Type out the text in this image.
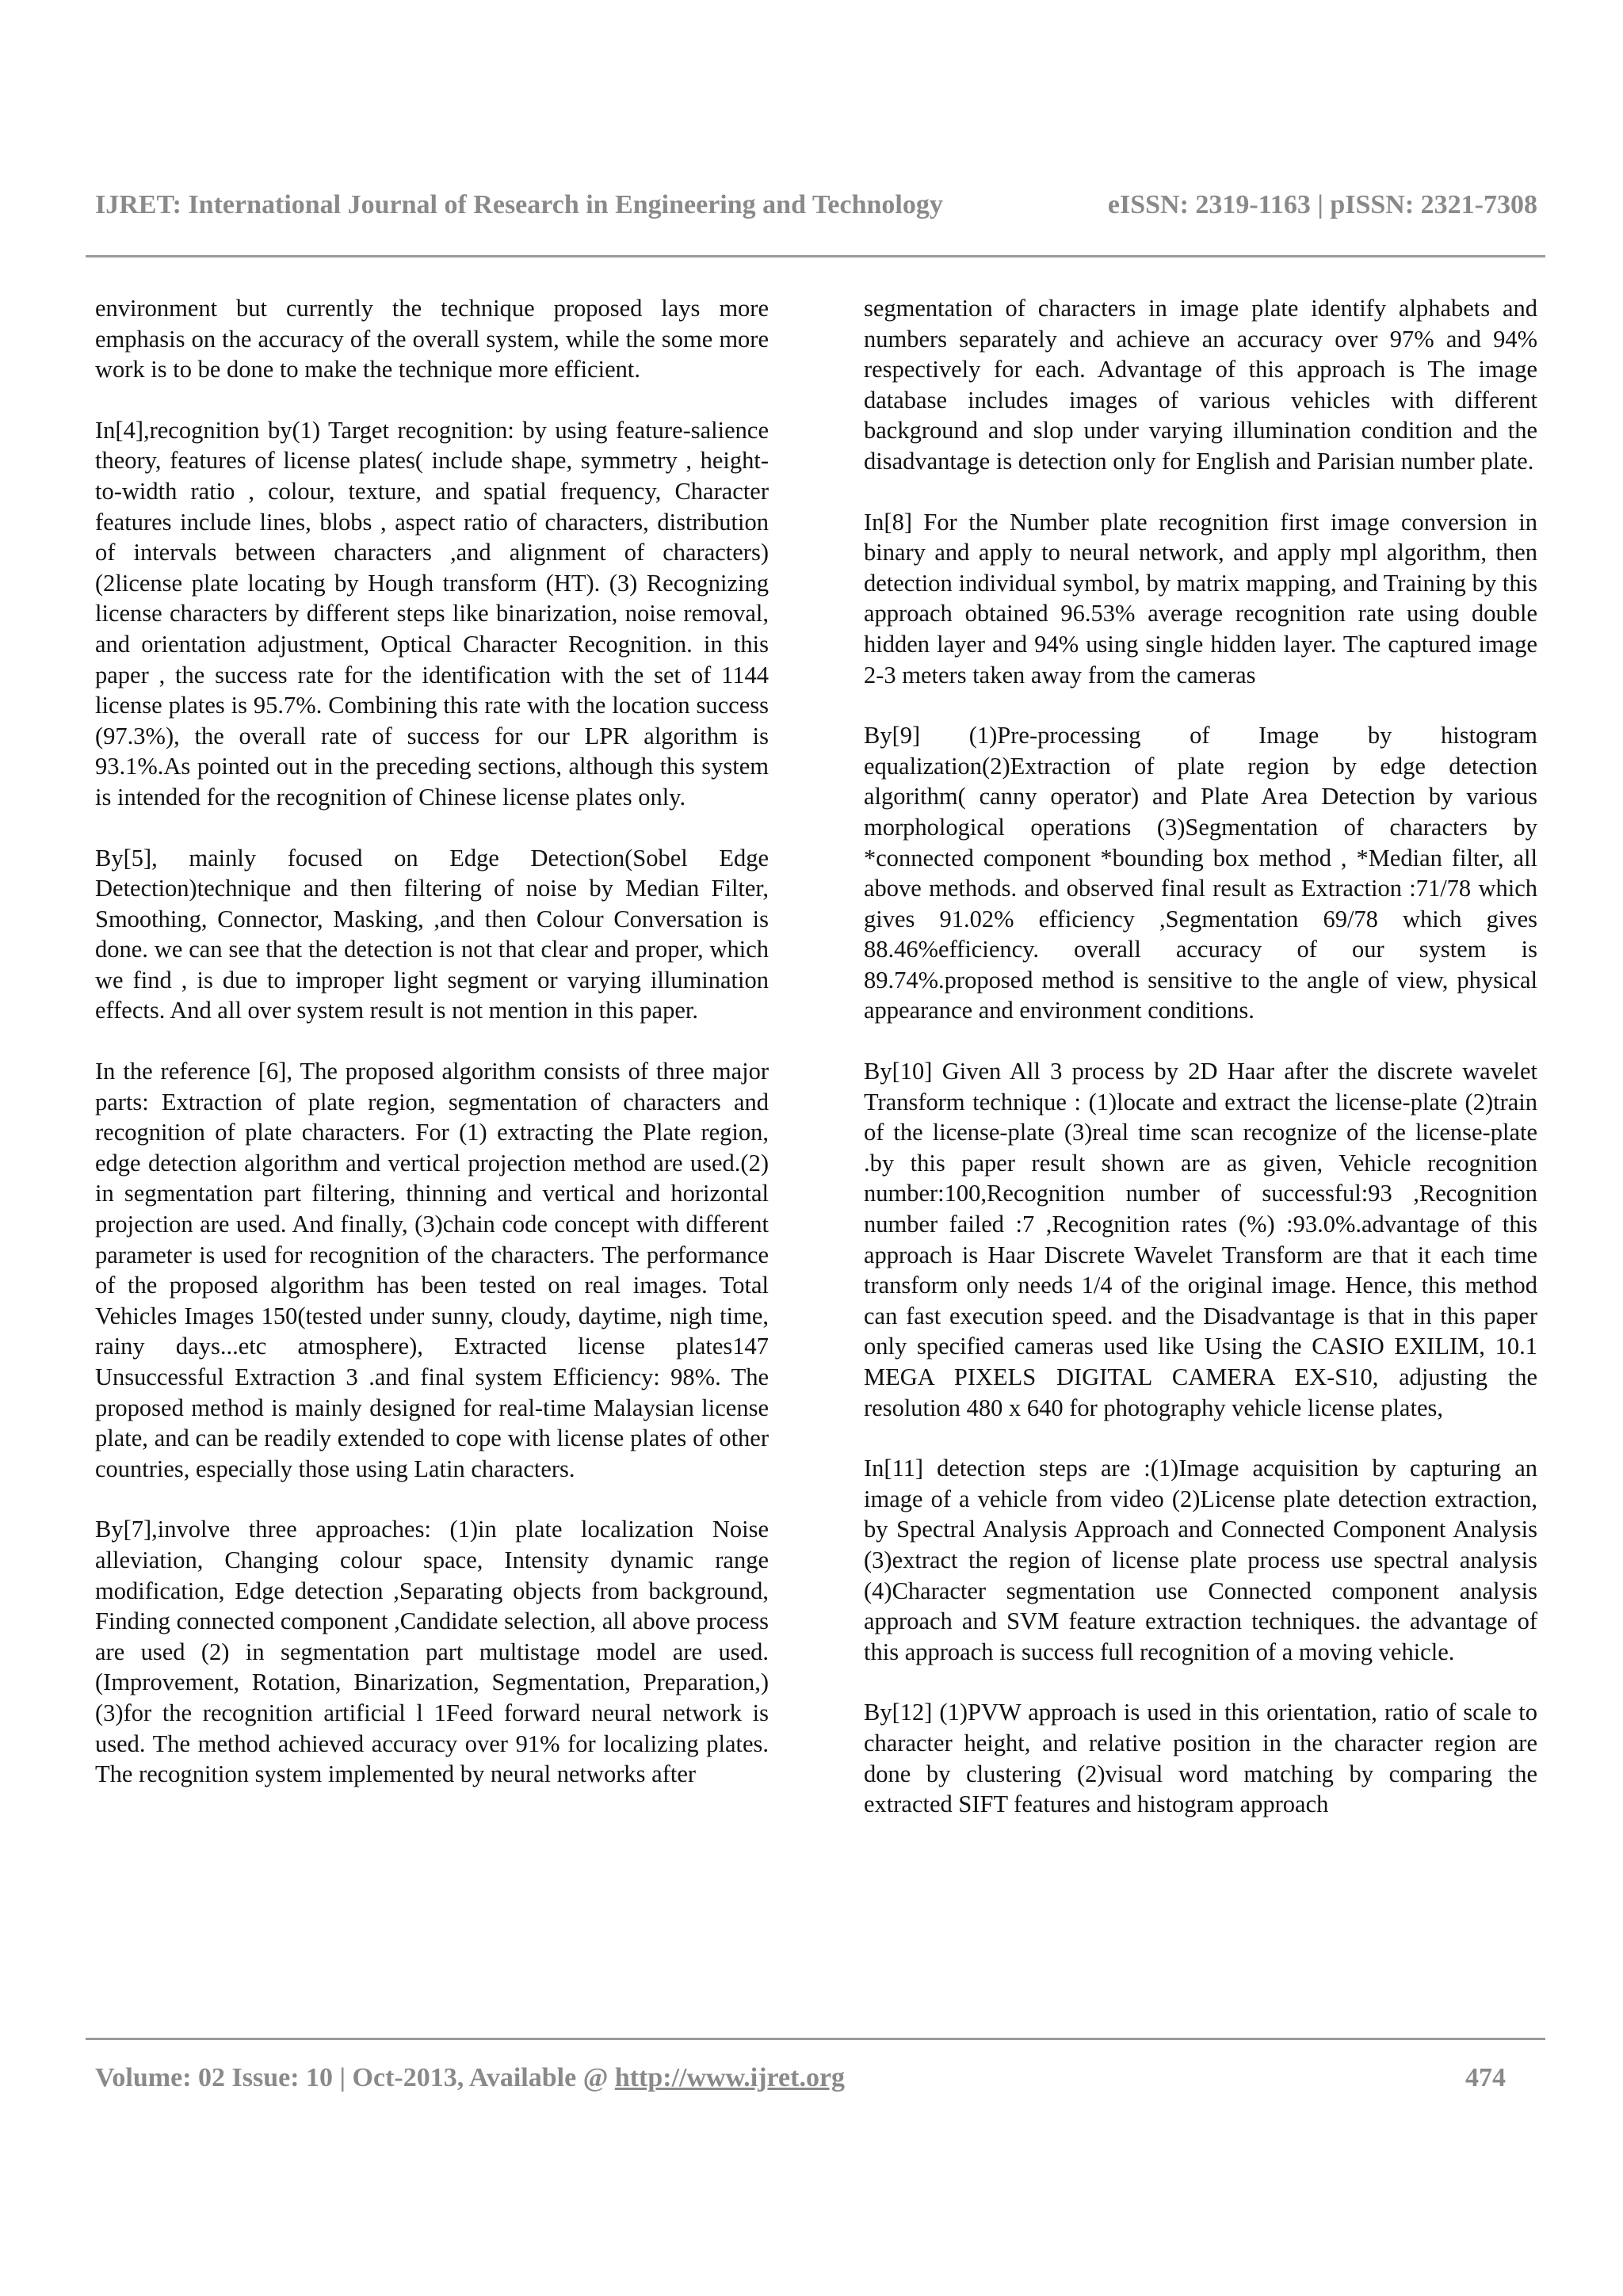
IJRET: International Journal of Research in Engineering and Technology	eISSN: 2319-1163 | pISSN: 2321-7308

environment but currently the technique proposed lays more emphasis on the accuracy of the overall system, while the some more work is to be done to make the technique more efficient.

In[4],recognition by(1) Target recognition: by using feature-salience theory, features of license plates( include shape, symmetry , height-to-width ratio , colour, texture, and spatial frequency, Character features include lines, blobs , aspect ratio of characters, distribution of intervals between characters ,and alignment of characters) (2license plate locating by Hough transform (HT). (3) Recognizing license characters by different steps like binarization, noise removal, and orientation adjustment, Optical Character Recognition. in this paper , the success rate for the identification with the set of 1144 license plates is 95.7%. Combining this rate with the location success (97.3%), the overall rate of success for our LPR algorithm is 93.1%.As pointed out in the preceding sections, although this system is intended for the recognition of Chinese license plates only.

By[5], mainly focused on Edge Detection(Sobel Edge Detection)technique and then filtering of noise by Median Filter, Smoothing, Connector, Masking, ,and then Colour Conversation is done. we can see that the detection is not that clear and proper, which we find , is due to improper light segment or varying illumination effects. And all over system result is not mention in this paper.

In the reference [6], The proposed algorithm consists of three major parts: Extraction of plate region, segmentation of characters and recognition of plate characters. For (1) extracting the Plate region, edge detection algorithm and vertical projection method are used.(2) in segmentation part filtering, thinning and vertical and horizontal projection are used. And finally, (3)chain code concept with different parameter is used for recognition of the characters. The performance of the proposed algorithm has been tested on real images. Total Vehicles Images 150(tested under sunny, cloudy, daytime, nigh time, rainy days...etc atmosphere), Extracted license plates147 Unsuccessful Extraction 3 .and final system Efficiency: 98%. The proposed method is mainly designed for real-time Malaysian license plate, and can be readily extended to cope with license plates of other countries, especially those using Latin characters.

By[7],involve three approaches: (1)in plate localization Noise alleviation, Changing colour space, Intensity dynamic range modification, Edge detection ,Separating objects from background, Finding connected component ,Candidate selection, all above process are used (2) in segmentation part multistage model are used.(Improvement, Rotation, Binarization, Segmentation, Preparation,) (3)for the recognition artificial l 1Feed forward neural network is used. The method achieved accuracy over 91% for localizing plates. The recognition system implemented by neural networks after

segmentation of characters in image plate identify alphabets and numbers separately and achieve an accuracy over 97% and 94% respectively for each. Advantage of this approach is The image database includes images of various vehicles with different background and slop under varying illumination condition and the disadvantage is detection only for English and Parisian number plate.

In[8] For the Number plate recognition first image conversion in binary and apply to neural network, and apply mpl algorithm, then detection individual symbol, by matrix mapping, and Training by this approach obtained 96.53% average recognition rate using double hidden layer and 94% using single hidden layer. The captured image 2-3 meters taken away from the cameras

By[9] (1)Pre-processing of Image by histogram equalization(2)Extraction of plate region by edge detection algorithm( canny operator) and Plate Area Detection by various morphological operations (3)Segmentation of characters by *connected component *bounding box method , *Median filter, all above methods. and observed final result as Extraction :71/78 which gives 91.02% efficiency ,Segmentation 69/78 which gives 88.46%efficiency. overall accuracy of our system is 89.74%.proposed method is sensitive to the angle of view, physical appearance and environment conditions.

By[10] Given All 3 process by 2D Haar after the discrete wavelet Transform technique : (1)locate and extract the license-plate (2)train of the license-plate (3)real time scan recognize of the license-plate .by this paper result shown are as given, Vehicle recognition number:100,Recognition number of successful:93 ,Recognition number failed :7 ,Recognition rates (%) :93.0%.advantage of this approach is Haar Discrete Wavelet Transform are that it each time transform only needs 1/4 of the original image. Hence, this method can fast execution speed. and the Disadvantage is that in this paper only specified cameras used like Using the CASIO EXILIM, 10.1 MEGA PIXELS DIGITAL CAMERA EX-S10, adjusting the resolution 480 x 640 for photography vehicle license plates,

In[11] detection steps are :(1)Image acquisition by capturing an image of a vehicle from video (2)License plate detection extraction, by Spectral Analysis Approach and Connected Component Analysis (3)extract the region of license plate process use spectral analysis (4)Character segmentation use Connected component analysis approach and SVM feature extraction techniques. the advantage of this approach is success full recognition of a moving vehicle.

By[12] (1)PVW approach is used in this orientation, ratio of scale to character height, and relative position in the character region are done by clustering (2)visual word matching by comparing the extracted SIFT features and histogram approach

Volume: 02 Issue: 10 | Oct-2013, Available @ http://www.ijret.org	474
